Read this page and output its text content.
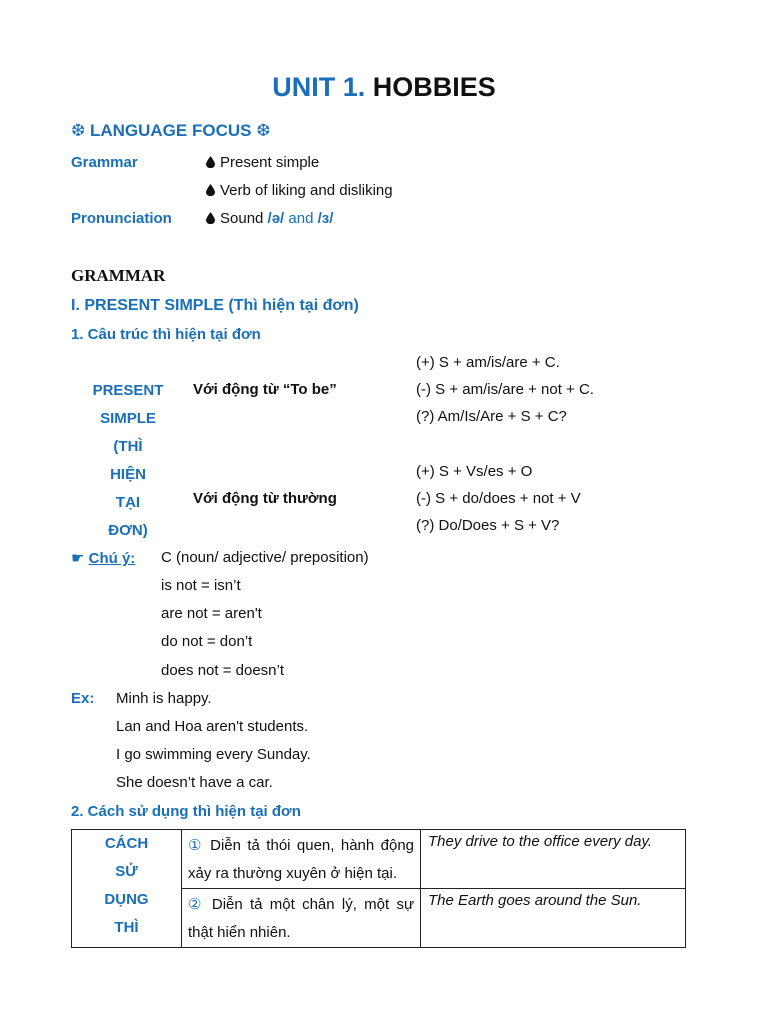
UNIT 1. HOBBIES
❆ LANGUAGE FOCUS ❆
Grammar	Present simple
Verb of liking and disliking
Pronunciation	Sound /ə/ and /ɜ/
GRAMMAR
I. PRESENT SIMPLE (Thì hiện tại đơn)
1. Câu trúc thì hiện tại đơn
PRESENT
SIMPLE
(THÌ
HIỆN
TẠI
ĐƠN)
Với động từ “To be”
(+) S + am/is/are + C.
(-) S + am/is/are + not + C.
(?) Am/Is/Are + S + C?
Với động từ thường
(+) S + Vs/es + O
(-) S + do/does + not + V
(?) Do/Does + S + V?
☛ Chú ý: C (noun/ adjective/ preposition)
is not = isn’t
are not = aren't
do not = don’t
does not = doesn’t
Ex: Minh is happy.
Lan and Hoa aren't students.
I go swimming every Sunday.
She doesn’t have a car.
2. Cách sử dụng thì hiện tại đơn
CÁCH
SỬ
DỤNG
THÌ	① Diễn tả thói quen, hành động xảy ra thường xuyên ở hiện tại.	They drive to the office every day.

	② Diễn tả một chân lý, một sự thật hiển nhiên.	The Earth goes around the Sun.
